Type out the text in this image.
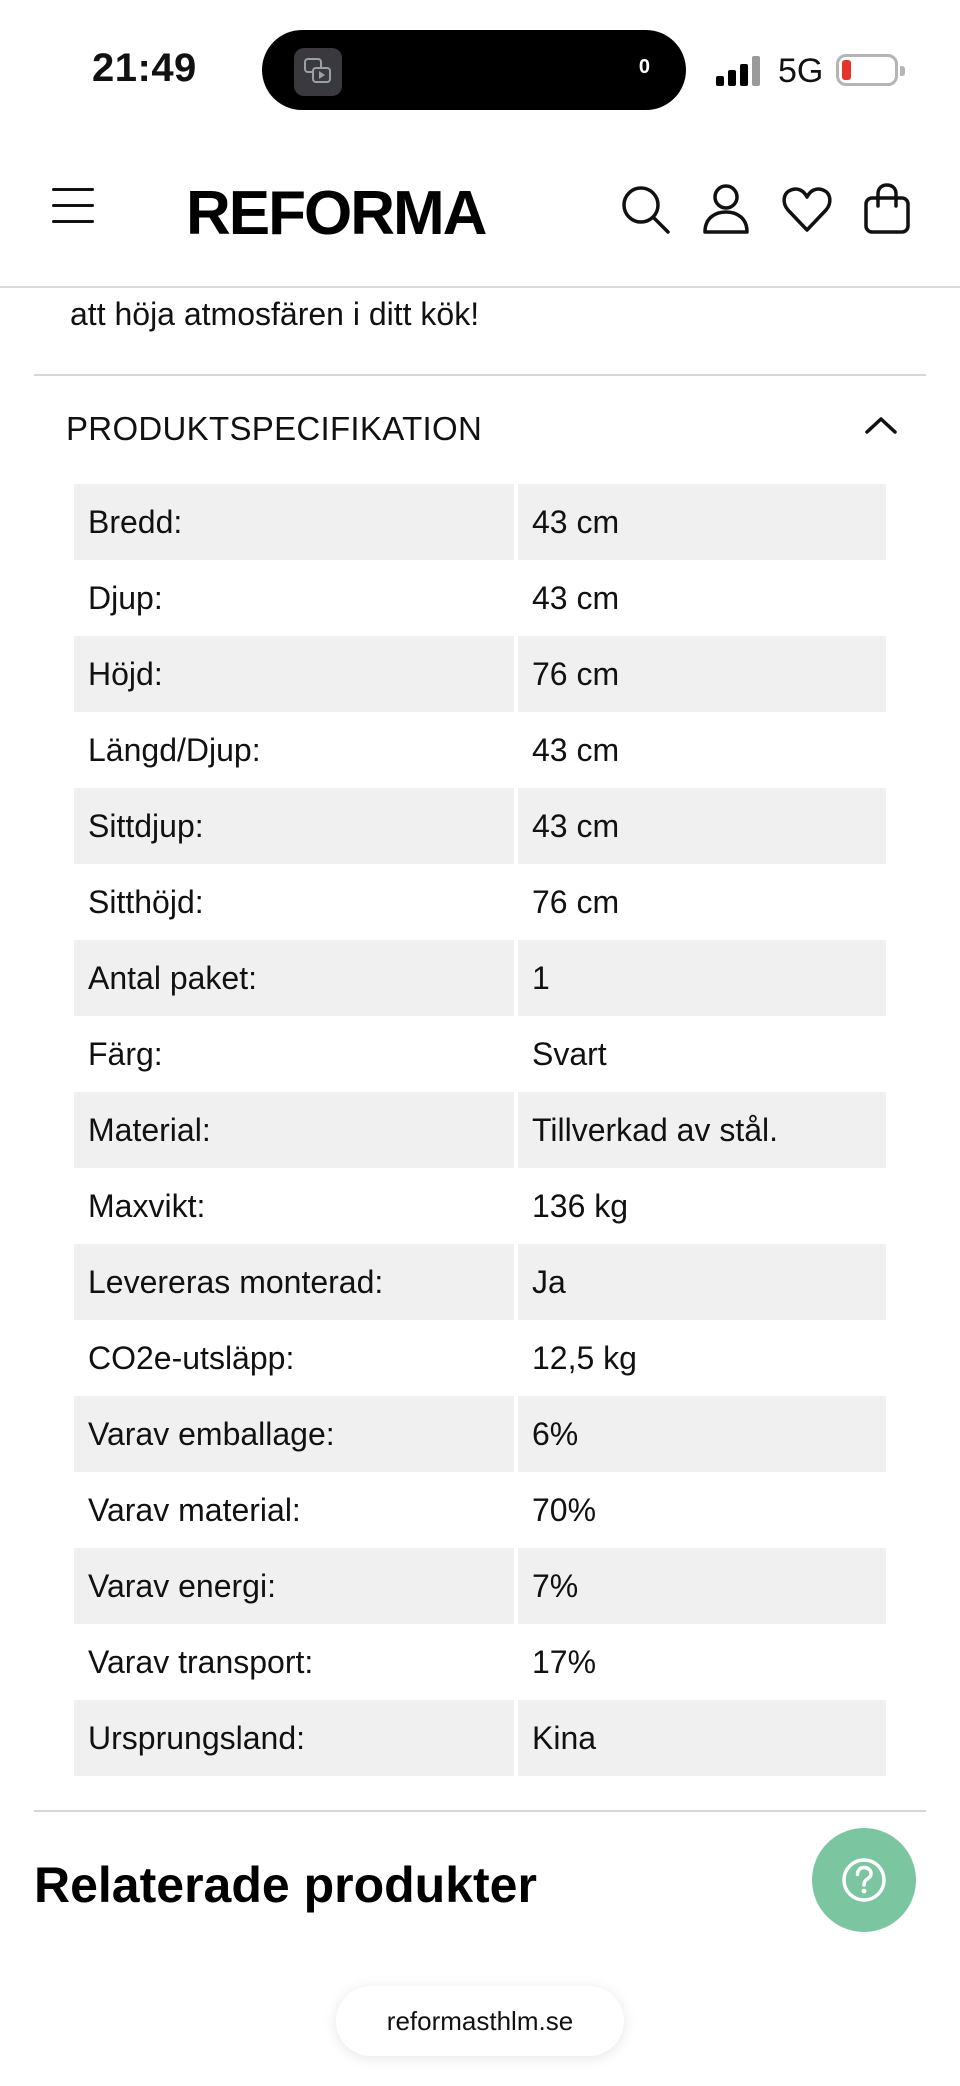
21:49	0	5G
REFORMA
att höja atmosfären i ditt kök!
PRODUKTSPECIFIKATION
Bredd:	43 cm
Djup:	43 cm
Höjd:	76 cm
Längd/Djup:	43 cm
Sittdjup:	43 cm
Sitthöjd:	76 cm
Antal paket:	1
Färg:	Svart
Material:	Tillverkad av stål.
Maxvikt:	136 kg
Levereras monterad:	Ja
CO2e-utsläpp:	12,5 kg
Varav emballage:	6%
Varav material:	70%
Varav energi:	7%
Varav transport:	17%
Ursprungsland:	Kina
Relaterade produkter
reformasthlm.se
